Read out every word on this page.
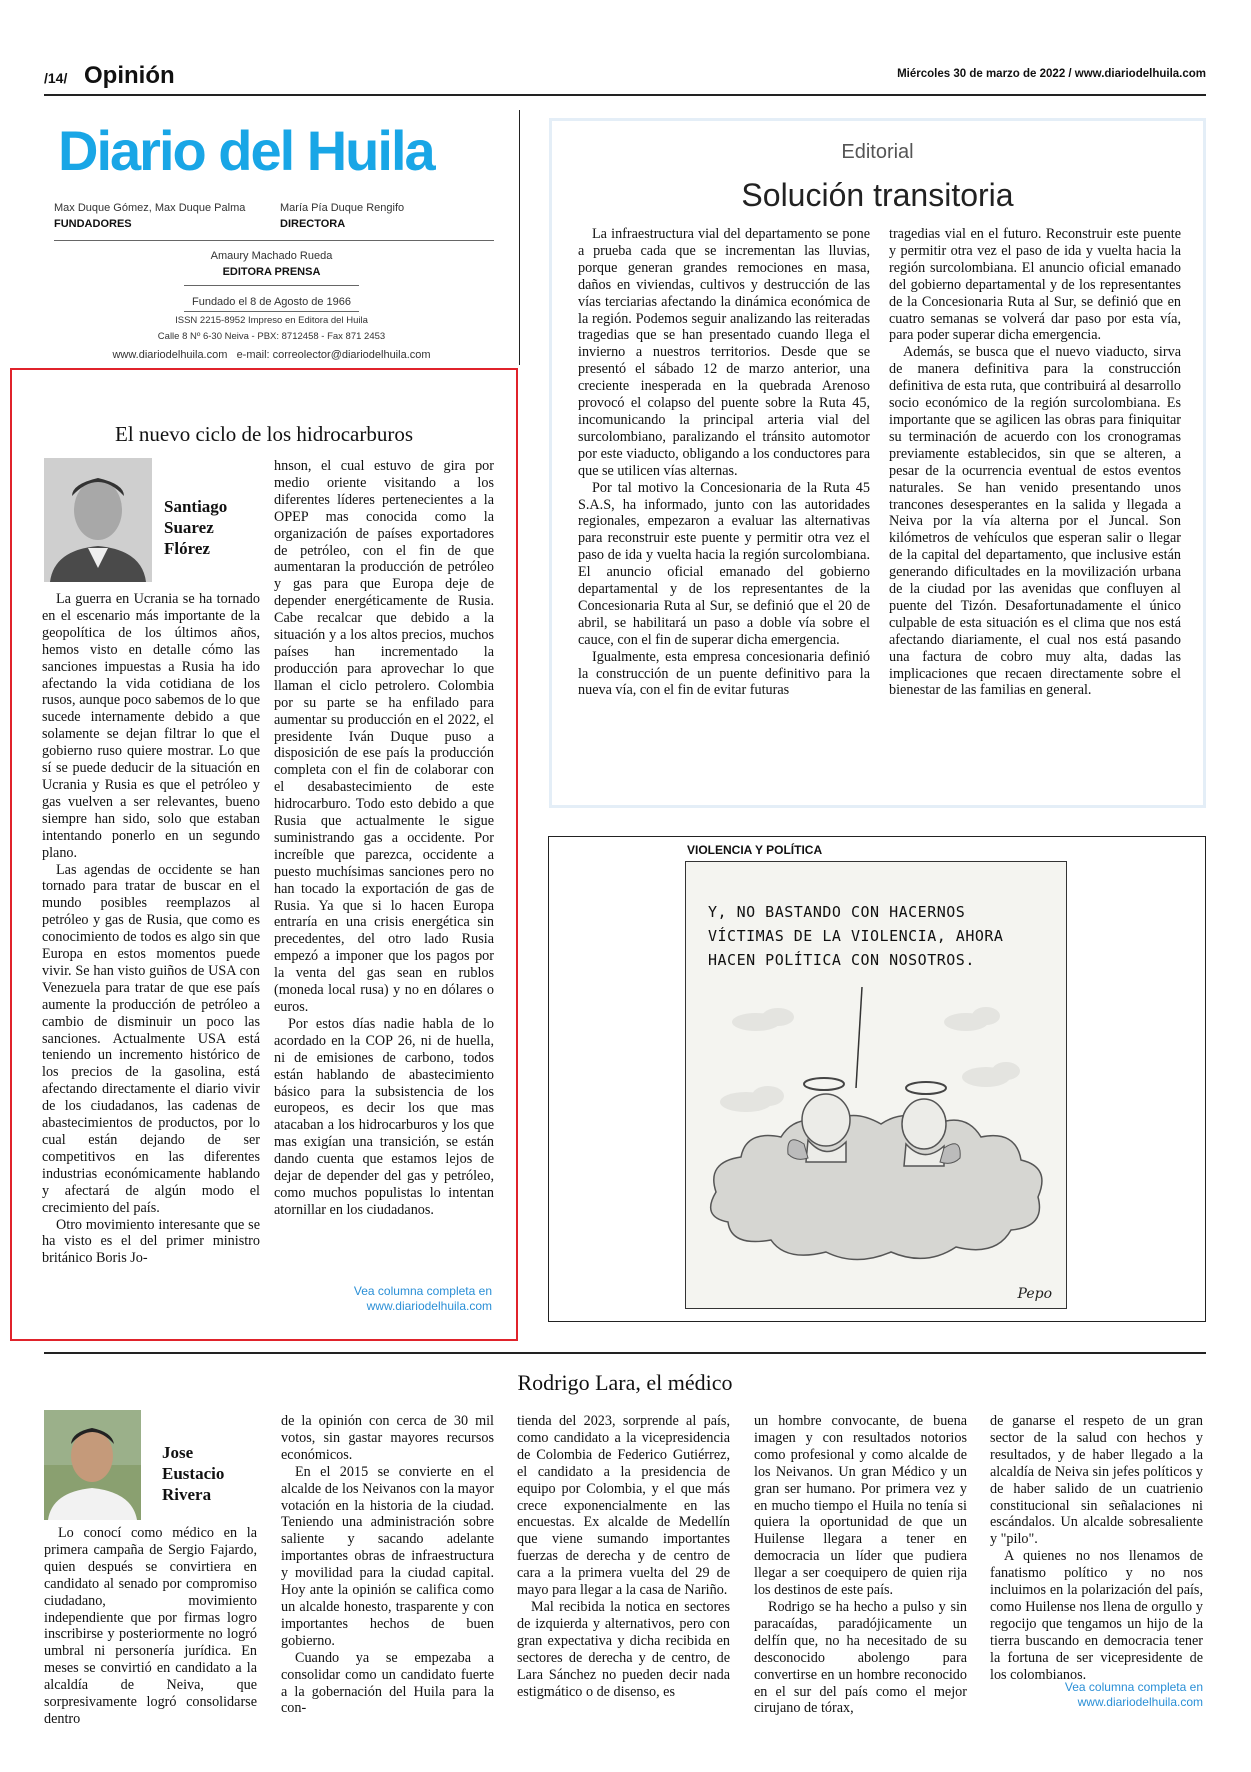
/14/ Opinión	Miércoles 30 de marzo de 2022 / www.diariodelhuila.com
Diario del Huila
Max Duque Gómez, Max Duque Palma
FUNDADORES
María Pía Duque Rengifo
DIRECTORA
Amaury Machado Rueda
EDITORA PRENSA
Fundado el 8 de Agosto de 1966
ISSN 2215-8952 Impreso en Editora del Huila
Calle 8 Nº 6-30 Neiva - PBX: 8712458 - Fax 871 2453
www.diariodelhuila.com   e-mail: correolector@diariodelhuila.com
El nuevo ciclo de los hidrocarburos
Santiago
Suarez
Flórez

La guerra en Ucrania se ha tornado en el escenario más importante de la geopolítica de los últimos años, hemos visto en detalle cómo las sanciones impuestas a Rusia ha ido afectando la vida cotidiana de los rusos, aunque poco sabemos de lo que sucede internamente debido a que solamente se dejan filtrar lo que el gobierno ruso quiere mostrar. Lo que sí se puede deducir de la situación en Ucrania y Rusia es que el petróleo y gas vuelven a ser relevantes, bueno siempre han sido, solo que estaban intentando ponerlo en un segundo plano.

Las agendas de occidente se han tornado para tratar de buscar en el mundo posibles reemplazos al petróleo y gas de Rusia, que como es conocimiento de todos es algo sin que Europa en estos momentos puede vivir. Se han visto guiños de USA con Venezuela para tratar de que ese país aumente la producción de petróleo a cambio de disminuir un poco las sanciones. Actualmente USA está teniendo un incremento histórico de los precios de la gasolina, está afectando directamente el diario vivir de los ciudadanos, las cadenas de abastecimientos de productos, por lo cual están dejando de ser competitivos en las diferentes industrias económicamente hablando y afectará de algún modo el crecimiento del país.

Otro movimiento interesante que se ha visto es el del primer ministro británico Boris Jo-

hnson, el cual estuvo de gira por medio oriente visitando a los diferentes líderes pertenecientes a la OPEP mas conocida como la organización de países exportadores de petróleo, con el fin de que aumentaran la producción de petróleo y gas para que Europa deje de depender energéticamente de Rusia. Cabe recalcar que debido a la situación y a los altos precios, muchos países han incrementado la producción para aprovechar lo que llaman el ciclo petrolero. Colombia por su parte se ha enfilado para aumentar su producción en el 2022, el presidente Iván Duque puso a disposición de ese país la producción completa con el fin de colaborar con el desabastecimiento de este hidrocarburo. Todo esto debido a que Rusia que actualmente le sigue suministrando gas a occidente. Por increíble que parezca, occidente a puesto muchísimas sanciones pero no han tocado la exportación de gas de Rusia. Ya que si lo hacen Europa entraría en una crisis energética sin precedentes, del otro lado Rusia empezó a imponer que los pagos por la venta del gas sean en rublos (moneda local rusa) y no en dólares o euros.

Por estos días nadie habla de lo acordado en la COP 26, ni de huella, ni de emisiones de carbono, todos están hablando de abastecimiento básico para la subsistencia de los europeos, es decir los que mas atacaban a los hidrocarburos y los que mas exigían una transición, se están dando cuenta que estamos lejos de dejar de depender del gas y petróleo, como muchos populistas lo intentan atornillar en los ciudadanos.

Vea columna completa en
www.diariodelhuila.com
Editorial
Solución transitoria

La infraestructura vial del departamento se pone a prueba cada que se incrementan las lluvias, porque generan grandes remociones en masa, daños en viviendas, cultivos y destrucción de las vías terciarias afectando la dinámica económica de la región. Podemos seguir analizando las reiteradas tragedias que se han presentado cuando llega el invierno a nuestros territorios. Desde que se presentó el sábado 12 de marzo anterior, una creciente inesperada en la quebrada Arenoso provocó el colapso del puente sobre la Ruta 45, incomunicando la principal arteria vial del surcolombiano, paralizando el tránsito automotor por este viaducto, obligando a los conductores para que se utilicen vías alternas.

Por tal motivo la Concesionaria de la Ruta 45 S.A.S, ha informado, junto con las autoridades regionales, empezaron a evaluar las alternativas para reconstruir este puente y permitir otra vez el paso de ida y vuelta hacia la región surcolombiana. El anuncio oficial emanado del gobierno departamental y de los representantes de la Concesionaria Ruta al Sur, se definió que el 20 de abril, se habilitará un paso a doble vía sobre el cauce, con el fin de superar dicha emergencia.

Igualmente, esta empresa concesionaria definió la construcción de un puente definitivo para la nueva vía, con el fin de evitar futuras

tragedias vial en el futuro. Reconstruir este puente y permitir otra vez el paso de ida y vuelta hacia la región surcolombiana. El anuncio oficial emanado del gobierno departamental y de los representantes de la Concesionaria Ruta al Sur, se definió que en cuatro semanas se volverá dar paso por esta vía, para poder superar dicha emergencia.

Además, se busca que el nuevo viaducto, sirva de manera definitiva para la construcción definitiva de esta ruta, que contribuirá al desarrollo socio económico de la región surcolombiana. Es importante que se agilicen las obras para finiquitar su terminación de acuerdo con los cronogramas previamente establecidos, sin que se alteren, a pesar de la ocurrencia eventual de estos eventos naturales. Se han venido presentando unos trancones desesperantes en la salida y llegada a Neiva por la vía alterna por el Juncal. Son kilómetros de vehículos que esperan salir o llegar de la capital del departamento, que inclusive están generando dificultades en la movilización urbana de la ciudad por las avenidas que confluyen al puente del Tizón. Desafortunadamente el único culpable de esta situación es el clima que nos está afectando diariamente, el cual nos está pasando una factura de cobro muy alta, dadas las implicaciones que recaen directamente sobre el bienestar de las familias en general.

VIOLENCIA Y POLÍTICA
Y, NO BASTANDO CON HACERNOS
VÍCTIMAS DE LA VIOLENCIA, AHORA
HACEN POLÍTICA CON NOSOTROS.
Pepo
Rodrigo Lara, el médico
Jose
Eustacio
Rivera

Lo conocí como médico en la primera campaña de Sergio Fajardo, quien después se convirtiera en candidato al senado por compromiso ciudadano, movimiento independiente que por firmas logro inscribirse y posteriormente no logró umbral ni personería jurídica. En meses se convirtió en candidato a la alcaldía de Neiva, que sorpresivamente logró consolidarse dentro

de la opinión con cerca de 30 mil votos, sin gastar mayores recursos económicos.

En el 2015 se convierte en el alcalde de los Neivanos con la mayor votación en la historia de la ciudad. Teniendo una administración sobre saliente y sacando adelante importantes obras de infraestructura y movilidad para la ciudad capital. Hoy ante la opinión se califica como un alcalde honesto, trasparente y con importantes hechos de buen gobierno.

Cuando ya se empezaba a consolidar como un candidato fuerte a la gobernación del Huila para la con-

tienda del 2023, sorprende al país, como candidato a la vicepresidencia de Colombia de Federico Gutiérrez, el candidato a la presidencia de equipo por Colombia, y el que más crece exponencialmente en las encuestas. Ex alcalde de Medellín que viene sumando importantes fuerzas de derecha y de centro de cara a la primera vuelta del 29 de mayo para llegar a la casa de Nariño.

Mal recibida la notica en sectores de izquierda y alternativos, pero con gran expectativa y dicha recibida en sectores de derecha y de centro, de Lara Sánchez no pueden decir nada estigmático o de disenso, es

un hombre convocante, de buena imagen y con resultados notorios como profesional y como alcalde de los Neivanos. Un gran Médico y un gran ser humano. Por primera vez y en mucho tiempo el Huila no tenía si quiera la oportunidad de que un Huilense llegara a tener en democracia un líder que pudiera llegar a ser coequipero de quien rija los destinos de este país.

Rodrigo se ha hecho a pulso y sin paracaídas, paradójicamente un delfín que, no ha necesitado de su desconocido abolengo para convertirse en un hombre reconocido en el sur del país como el mejor cirujano de tórax,

de ganarse el respeto de un gran sector de la salud con hechos y resultados, y de haber llegado a la alcaldía de Neiva sin jefes políticos y de haber salido de un cuatrienio constitucional sin señalaciones ni escándalos. Un alcalde sobresaliente y "pilo".

A quienes no nos llenamos de fanatismo político y no nos incluimos en la polarización del país, como Huilense nos llena de orgullo y regocijo que tengamos un hijo de la tierra buscando en democracia tener la fortuna de ser vicepresidente de los colombianos.

Vea columna completa en
www.diariodelhuila.com
